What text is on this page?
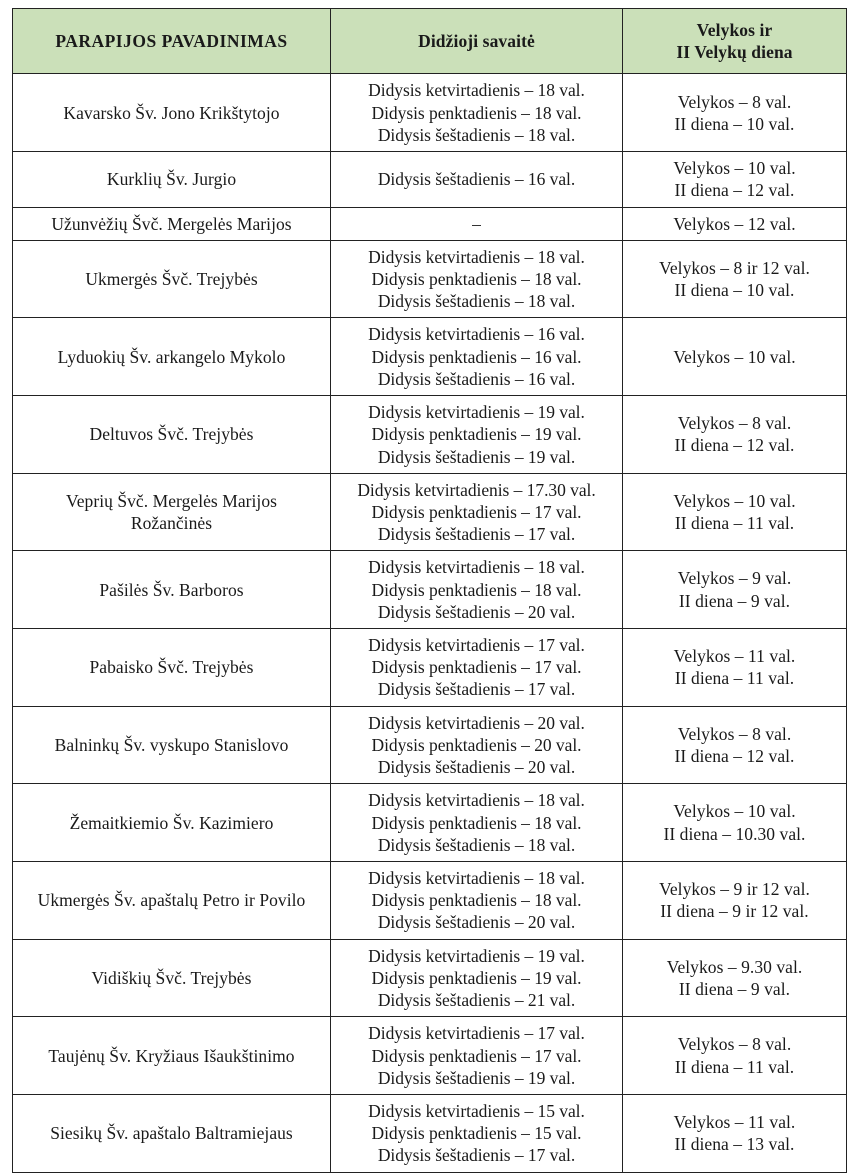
PARAPIJOS PAVADINIMAS	Didžioji savaitė	Velykos ir
II Velykų diena

Kavarsko Šv. Jono Krikštytojo	Didysis ketvirtadienis – 18 val.
Didysis penktadienis – 18 val.
Didysis šeštadienis – 18 val.	Velykos – 8 val.
II diena – 10 val.

Kurklių Šv. Jurgio	Didysis šeštadienis – 16 val.	Velykos – 10 val.
II diena – 12 val.

Užunvėžių Švč. Mergelės Marijos	–	Velykos – 12 val.

Ukmergės Švč. Trejybės	Didysis ketvirtadienis – 18 val.
Didysis penktadienis – 18 val.
Didysis šeštadienis – 18 val.	Velykos – 8 ir 12 val.
II diena – 10 val.

Lyduokių Šv. arkangelo Mykolo	Didysis ketvirtadienis – 16 val.
Didysis penktadienis – 16 val.
Didysis šeštadienis – 16 val.	Velykos – 10 val.

Deltuvos Švč. Trejybės	Didysis ketvirtadienis – 19 val.
Didysis penktadienis – 19 val.
Didysis šeštadienis – 19 val.	Velykos – 8 val.
II diena – 12 val.

Veprių Švč. Mergelės Marijos
Rožančinės	Didysis ketvirtadienis – 17.30 val.
Didysis penktadienis – 17 val.
Didysis šeštadienis – 17 val.	Velykos – 10 val.
II diena – 11 val.

Pašilės Šv. Barboros	Didysis ketvirtadienis – 18 val.
Didysis penktadienis – 18 val.
Didysis šeštadienis – 20 val.	Velykos – 9 val.
II diena – 9 val.

Pabaisko Švč. Trejybės	Didysis ketvirtadienis – 17 val.
Didysis penktadienis – 17 val.
Didysis šeštadienis – 17 val.	Velykos – 11 val.
II diena – 11 val.

Balninkų Šv. vyskupo Stanislovo	Didysis ketvirtadienis – 20 val.
Didysis penktadienis – 20 val.
Didysis šeštadienis – 20 val.	Velykos – 8 val.
II diena – 12 val.

Žemaitkiemio Šv. Kazimiero	Didysis ketvirtadienis – 18 val.
Didysis penktadienis – 18 val.
Didysis šeštadienis – 18 val.	Velykos – 10 val.
II diena – 10.30 val.

Ukmergės Šv. apaštalų Petro ir Povilo	Didysis ketvirtadienis – 18 val.
Didysis penktadienis – 18 val.
Didysis šeštadienis – 20 val.	Velykos – 9 ir 12 val.
II diena – 9 ir 12 val.

Vidiškių Švč. Trejybės	Didysis ketvirtadienis – 19 val.
Didysis penktadienis – 19 val.
Didysis šeštadienis – 21 val.	Velykos – 9.30 val.
II diena – 9 val.

Taujėnų Šv. Kryžiaus Išaukštinimo	Didysis ketvirtadienis – 17 val.
Didysis penktadienis – 17 val.
Didysis šeštadienis – 19 val.	Velykos – 8 val.
II diena – 11 val.

Siesikų Šv. apaštalo Baltramiejaus	Didysis ketvirtadienis – 15 val.
Didysis penktadienis – 15 val.
Didysis šeštadienis – 17 val.	Velykos – 11 val.
II diena – 13 val.
